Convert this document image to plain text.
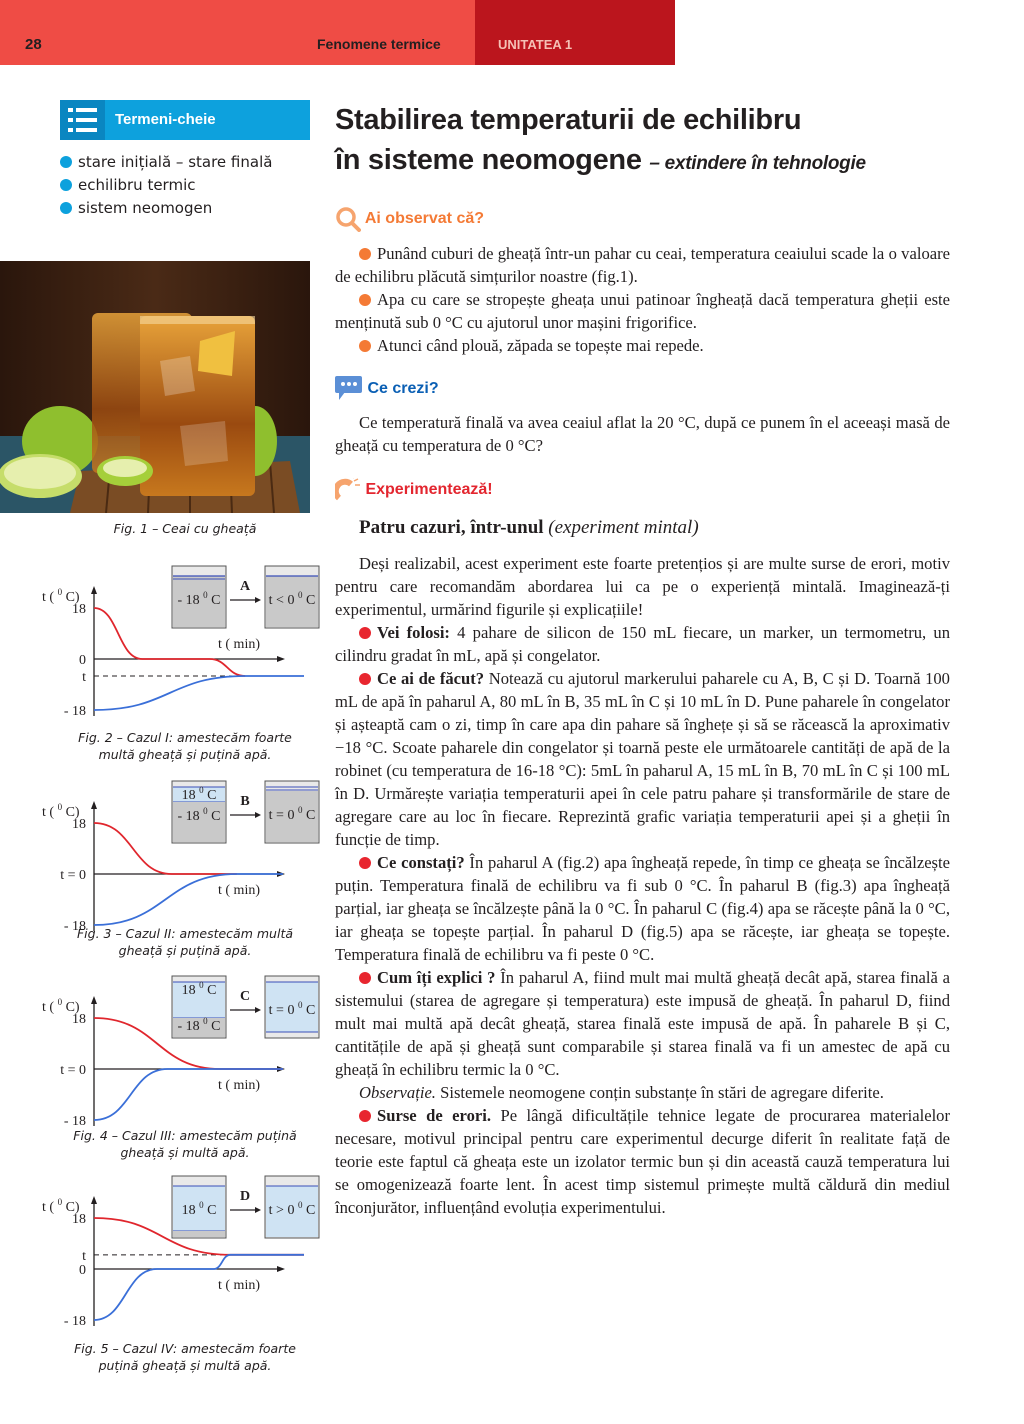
28	Fenomene termice	UNITATEA 1
Termeni-cheie
stare inițială – stare finală
echilibru termic
sistem neomogen
Fig. 1 – Ceai cu gheață
Stabilirea temperaturii de echilibru
în sisteme neomogene – extindere în tehnologie
Ai observat că?

Punând cuburi de gheață într-un pahar cu ceai, temperatura ceaiului scade la o valoare de echilibru plăcută simțurilor noastre (fig.1).

Apa cu care se stropește gheața unui patinoar îngheață dacă temperatura gheții este menținută sub 0 °C cu ajutorul unor mașini frigorifice.

Atunci când plouă, zăpada se topește mai repede.

Ce crezi?

Ce temperatură finală va avea ceaiul aflat la 20 °C, după ce punem în el aceeași masă de gheață cu temperatura de 0 °C?

Experimentează!
Patru cazuri, într-unul (experiment mintal)

Deși realizabil, acest experiment este foarte pretențios și are multe surse de erori, motiv pentru care recomandăm abordarea lui ca pe o experiență mintală. Imaginează-ți experimentul, urmărind figurile și explicațiile!

Vei folosi: 4 pahare de silicon de 150 mL fiecare, un marker, un termometru, un cilindru gradat în mL, apă și congelator.

Ce ai de făcut? Notează cu ajutorul markerului paharele cu A, B, C și D. Toarnă 100 mL de apă în paharul A, 80 mL în B, 35 mL în C și 10 mL în D. Pune paharele în congelator și așteaptă cam o zi, timp în care apa din pahare să înghețe și să se răcească la aproximativ −18 °C. Scoate paharele din congelator și toarnă peste ele următoarele cantități de apă de la robinet (cu temperatura de 16-18 °C): 5mL în paharul A, 15 mL în B, 70 mL în C și 100 mL în D. Urmărește variația temperaturii apei în cele patru pahare și transformările de stare de agregare care au loc în fiecare. Reprezintă grafic variația temperaturii apei și a gheții în funcție de timp.

Ce constați? În paharul A (fig.2) apa îngheață repede, în timp ce gheața se încălzește puțin. Temperatura finală de echilibru va fi sub 0 °C. În paharul B (fig.3) apa îngheață parțial, iar gheața se încălzește până la 0 °C. În paharul C (fig.4) apa se răcește până la 0 °C, iar gheața se topește parțial. În paharul D (fig.5) apa se răcește, iar gheața se topește. Temperatura finală de echilibru va fi peste 0 °C.

Cum îți explici ? În paharul A, fiind mult mai multă gheață decât apă, starea finală a sistemului (starea de agregare și temperatura) este impusă de gheață. În paharul D, fiind mult mai multă apă decât gheață, starea finală este impusă de apă. În paharele B și C, cantitățile de apă și gheață sunt comparabile și starea finală va fi un amestec de apă cu gheață în echilibru termic la 0 °C.

Observație. Sistemele neomogene conțin substanțe în stări de agregare diferite.

Surse de erori. Pe lângă dificultățile tehnice legate de procurarea materialelor necesare, motivul principal pentru care experimentul decurge diferit în realitate față de teorie este faptul că gheața este un izolator termic bun și din această cauză temperatura lui se omogenizează foarte lent. În acest timp sistemul primește multă căldură din mediul înconjurător, influențând evoluția experimentului.

- 18 $^0$ C	t < 0 $^0$ C
A
t ( $^0$ C)
t ( min)
18
0
t
- 18
Fig. 2 – Cazul I: amestecăm foarte multă gheață și puțină apă.
18 $^0$ C
- 18 $^0$ C	t = 0 $^0$ C
B
t ( $^0$ C)
t ( min)
18
t = 0
- 18
Fig. 3 – Cazul II: amestecăm multă gheață și puțină apă.
18 $^0$ C
- 18 $^0$ C
t = 0 $^0$ C
C
t ( $^0$ C)
t ( min)
18
t = 0
- 18
Fig. 4 – Cazul III: amestecăm puțină gheață și multă apă.
18 $^0$ C	t > 0 $^0$ C
D
t ( $^0$ C)
t ( min)
18
t
0
- 18
Fig. 5 – Cazul IV: amestecăm foarte puțină gheață și multă apă.
